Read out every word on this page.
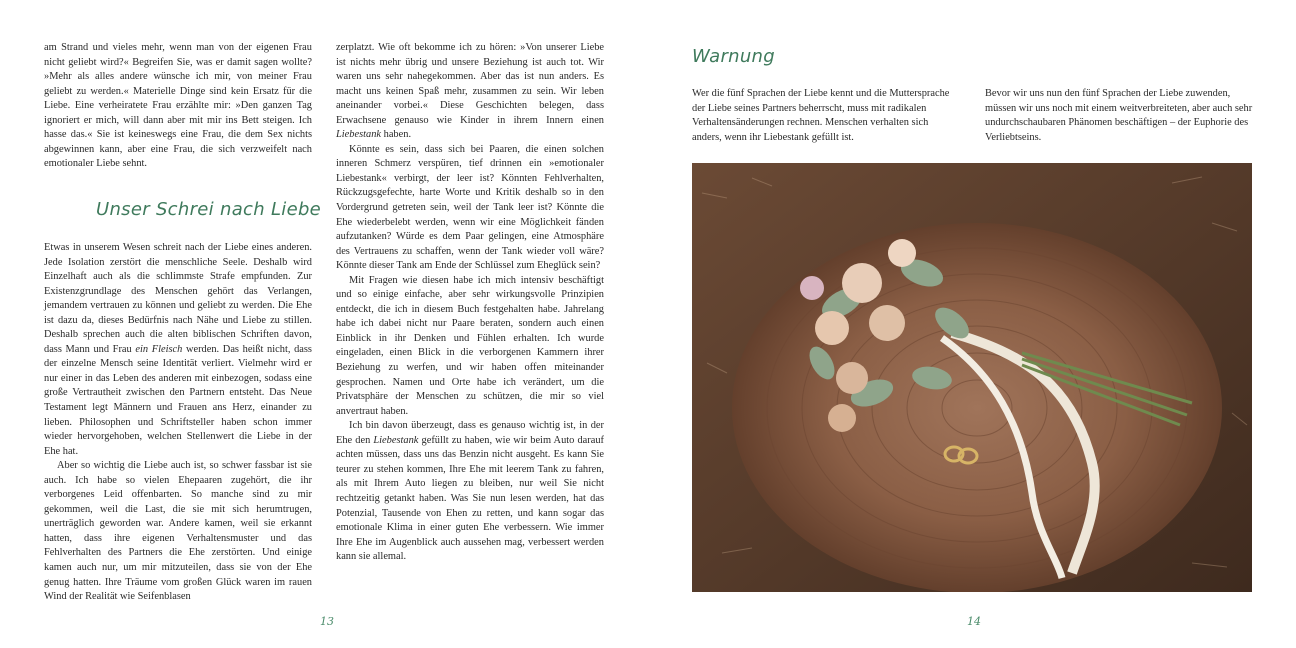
am Strand und vieles mehr, wenn man von der eigenen Frau nicht geliebt wird?« Begreifen Sie, was er damit sagen wollte? »Mehr als alles andere wünsche ich mir, von meiner Frau geliebt zu werden.« Materielle Dinge sind kein Ersatz für die Liebe. Eine verheiratete Frau erzählte mir: »Den ganzen Tag ignoriert er mich, will dann aber mit mir ins Bett steigen. Ich hasse das.« Sie ist keineswegs eine Frau, die dem Sex nichts abgewinnen kann, aber eine Frau, die sich verzweifelt nach emotionaler Liebe sehnt.

Unser Schrei nach Liebe

Etwas in unserem Wesen schreit nach der Liebe eines anderen. Jede Isolation zerstört die menschliche Seele. Deshalb wird Einzelhaft auch als die schlimmste Strafe empfunden. Zur Existenzgrundlage des Menschen gehört das Verlangen, jemandem vertrauen zu können und geliebt zu werden. Die Ehe ist dazu da, dieses Bedürfnis nach Nähe und Liebe zu stillen. Deshalb sprechen auch die alten biblischen Schriften davon, dass Mann und Frau ein Fleisch werden. Das heißt nicht, dass der einzelne Mensch seine Identität verliert. Vielmehr wird er nur einer in das Leben des anderen mit einbezogen, sodass eine große Vertrautheit zwischen den Partnern entsteht. Das Neue Testament legt Männern und Frauen ans Herz, einander zu lieben. Philosophen und Schriftsteller haben schon immer wieder hervorgehoben, welchen Stellenwert die Liebe in der Ehe hat.

Aber so wichtig die Liebe auch ist, so schwer fassbar ist sie auch. Ich habe so vielen Ehepaaren zugehört, die ihr verborgenes Leid offenbarten. So manche sind zu mir gekommen, weil die Last, die sie mit sich herumtrugen, unerträglich geworden war. Andere kamen, weil sie erkannt hatten, dass ihre eigenen Verhaltensmuster und das Fehlverhalten des Partners die Ehe zerstörten. Und einige kamen auch nur, um mir mitzuteilen, dass sie von der Ehe genug hatten. Ihre Träume vom großen Glück waren im rauen Wind der Realität wie Seifenblasen

zerplatzt. Wie oft bekomme ich zu hören: »Von unserer Liebe ist nichts mehr übrig und unsere Beziehung ist auch tot. Wir waren uns sehr nahegekommen. Aber das ist nun anders. Es macht uns keinen Spaß mehr, zusammen zu sein. Wir leben aneinander vorbei.« Diese Geschichten belegen, dass Erwachsene genauso wie Kinder in ihrem Innern einen Liebestank haben.

Könnte es sein, dass sich bei Paaren, die einen solchen inneren Schmerz verspüren, tief drinnen ein »emotionaler Liebestank« verbirgt, der leer ist? Könnten Fehlverhalten, Rückzugsgefechte, harte Worte und Kritik deshalb so in den Vordergrund getreten sein, weil der Tank leer ist? Könnte die Ehe wiederbelebt werden, wenn wir eine Möglichkeit fänden aufzutanken? Würde es dem Paar gelingen, eine Atmosphäre des Vertrauens zu schaffen, wenn der Tank wieder voll wäre? Könnte dieser Tank am Ende der Schlüssel zum Eheglück sein?

Mit Fragen wie diesen habe ich mich intensiv beschäftigt und so einige einfache, aber sehr wirkungsvolle Prinzipien entdeckt, die ich in diesem Buch festgehalten habe. Jahrelang habe ich dabei nicht nur Paare beraten, sondern auch einen Einblick in ihr Denken und Fühlen erhalten. Ich wurde eingeladen, einen Blick in die verborgenen Kammern ihrer Beziehung zu werfen, und wir haben offen miteinander gesprochen. Namen und Orte habe ich verändert, um die Privatsphäre der Menschen zu schützen, die mir so viel anvertraut haben.

Ich bin davon überzeugt, dass es genauso wichtig ist, in der Ehe den Liebestank gefüllt zu haben, wie wir beim Auto darauf achten müssen, dass uns das Benzin nicht ausgeht. Es kann Sie teurer zu stehen kommen, Ihre Ehe mit leerem Tank zu fahren, als mit Ihrem Auto liegen zu bleiben, nur weil Sie nicht rechtzeitig getankt haben. Was Sie nun lesen werden, hat das Potenzial, Tausende von Ehen zu retten, und kann sogar das emotionale Klima in einer guten Ehe verbessern. Wie immer Ihre Ehe im Augenblick auch aussehen mag, verbessert werden kann sie allemal.

13
Warnung

Wer die fünf Sprachen der Liebe kennt und die Muttersprache der Liebe seines Partners beherrscht, muss mit radikalen Verhaltensänderungen rechnen. Menschen verhalten sich anders, wenn ihr Liebestank gefüllt ist.

Bevor wir uns nun den fünf Sprachen der Liebe zuwenden, müssen wir uns noch mit einem weitverbreiteten, aber auch sehr undurchschaubaren Phänomen beschäftigen – der Euphorie des Verliebtseins.

14
